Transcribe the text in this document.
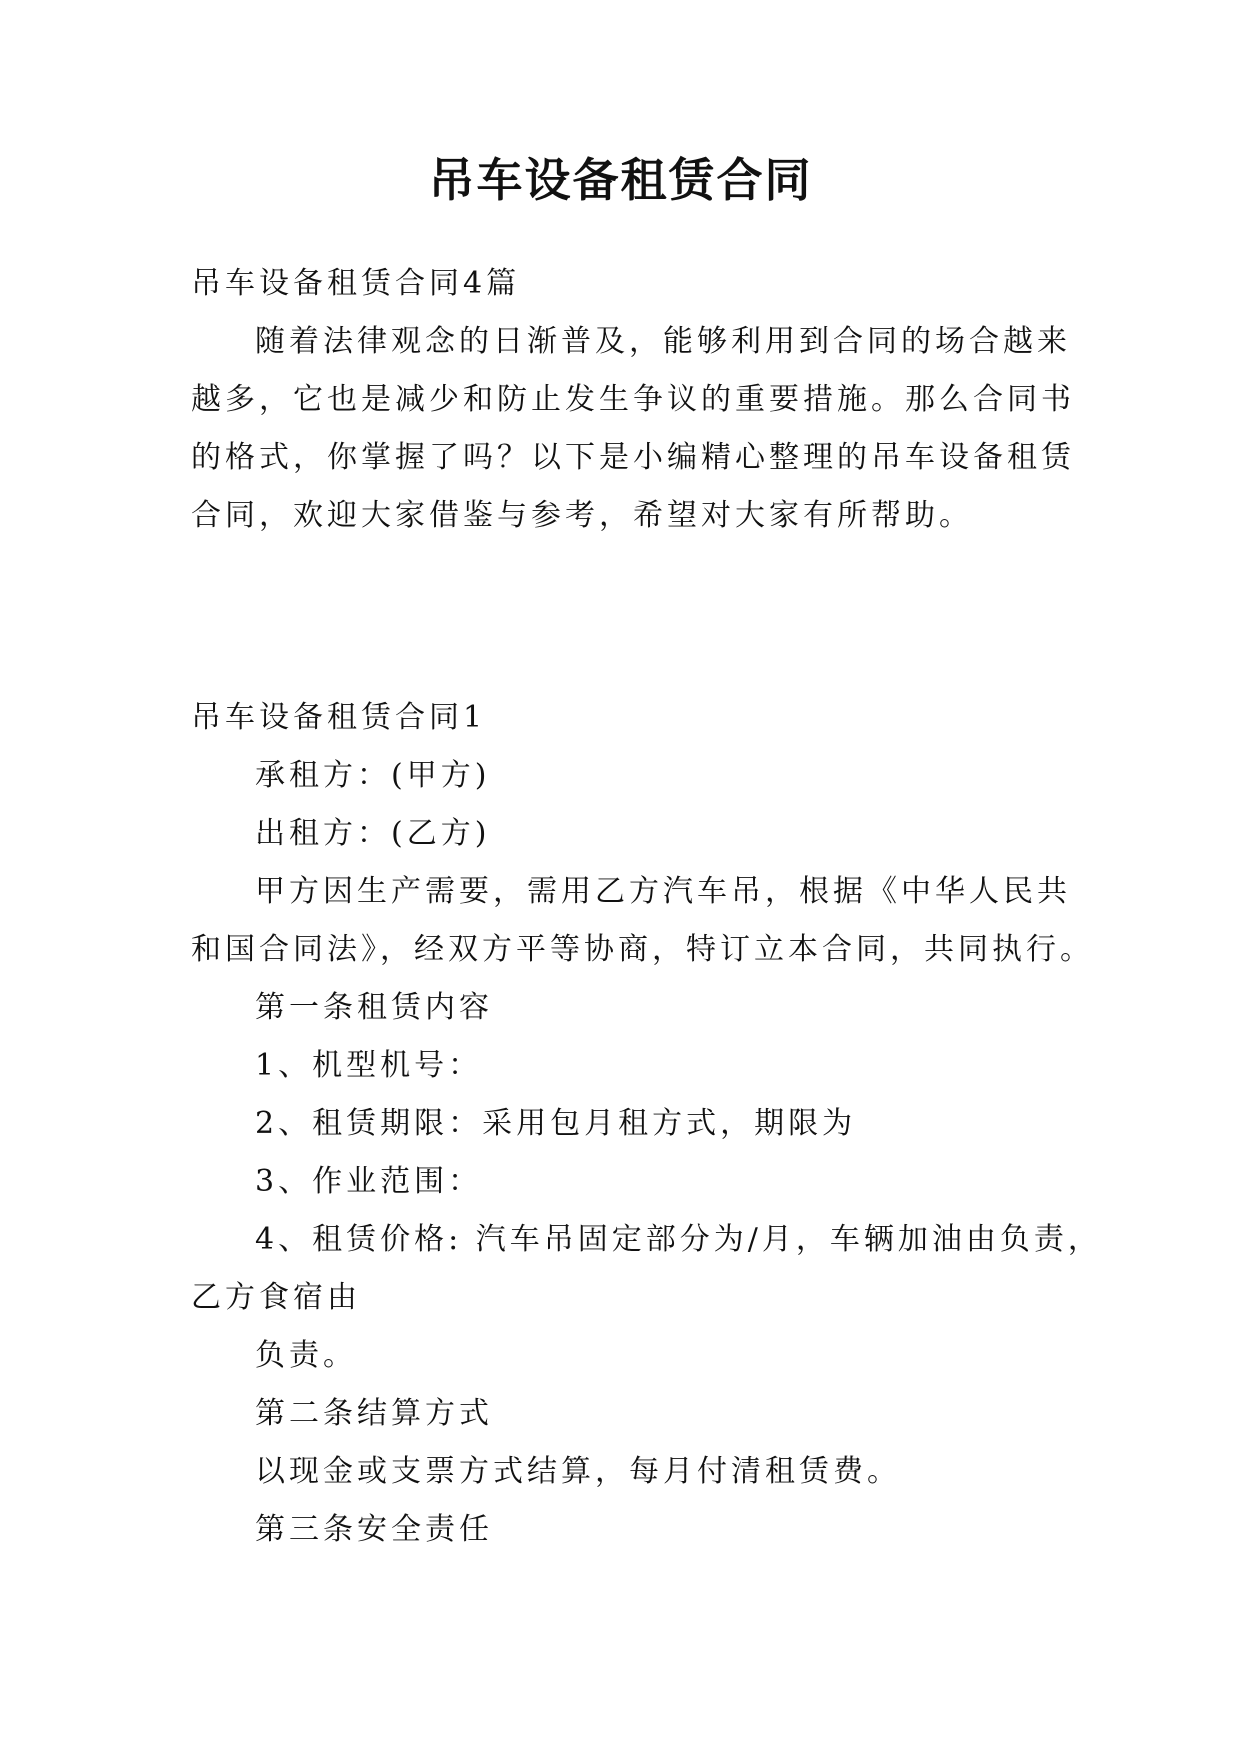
吊车设备租赁合同
吊车设备租赁合同4篇
随着法律观念的日渐普及，能够利用到合同的场合越来
越多，它也是减少和防止发生争议的重要措施。那么合同书
的格式，你掌握了吗？以下是小编精心整理的吊车设备租赁
合同，欢迎大家借鉴与参考，希望对大家有所帮助。
吊车设备租赁合同1
承租方：(甲方)
出租方：(乙方)
甲方因生产需要，需用乙方汽车吊，根据《中华人民共
和国合同法》，经双方平等协商，特订立本合同，共同执行。
第一条租赁内容
1、机型机号：
2、租赁期限：采用包月租方式，期限为
3、作业范围：
4、租赁价格: 汽车吊固定部分为/月，车辆加油由负责，
乙方食宿由
负责。
第二条结算方式
以现金或支票方式结算，每月付清租赁费。
第三条安全责任
